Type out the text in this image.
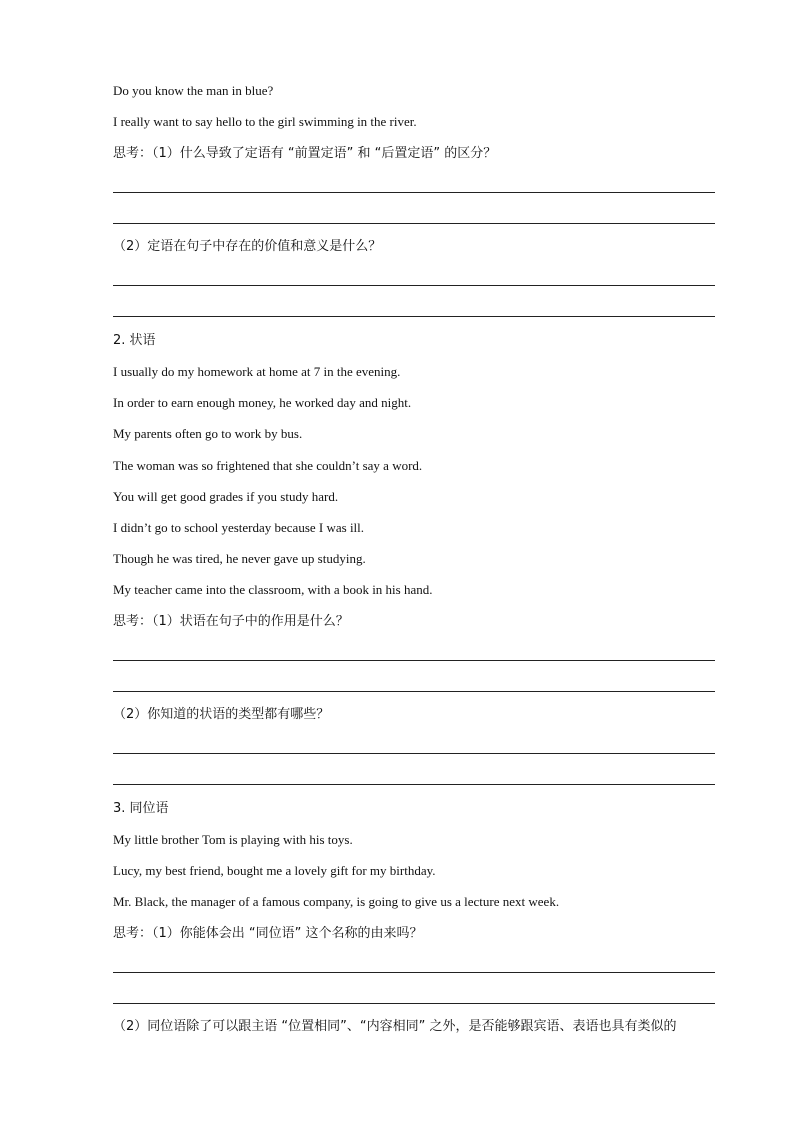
Do you know the man in blue?
I really want to say hello to the girl swimming in the river.
思考：（1）什么导致了定语有 “前置定语” 和 “后置定语” 的区分？
（2）定语在句子中存在的价值和意义是什么？
2. 状语
I usually do my homework at home at 7 in the evening.
In order to earn enough money, he worked day and night.
My parents often go to work by bus.
The woman was so frightened that she couldn’t say a word.
You will get good grades if you study hard.
I didn’t go to school yesterday because I was ill.
Though he was tired, he never gave up studying.
My teacher came into the classroom, with a book in his hand.
思考：（1）状语在句子中的作用是什么？
（2）你知道的状语的类型都有哪些？
3. 同位语
My little brother Tom is playing with his toys.
Lucy, my best friend, bought me a lovely gift for my birthday.
Mr. Black, the manager of a famous company, is going to give us a lecture next week.
思考：（1）你能体会出 “同位语” 这个名称的由来吗？
（2）同位语除了可以跟主语 “位置相同”、“内容相同” 之外，是否能够跟宾语、表语也具有类似的
